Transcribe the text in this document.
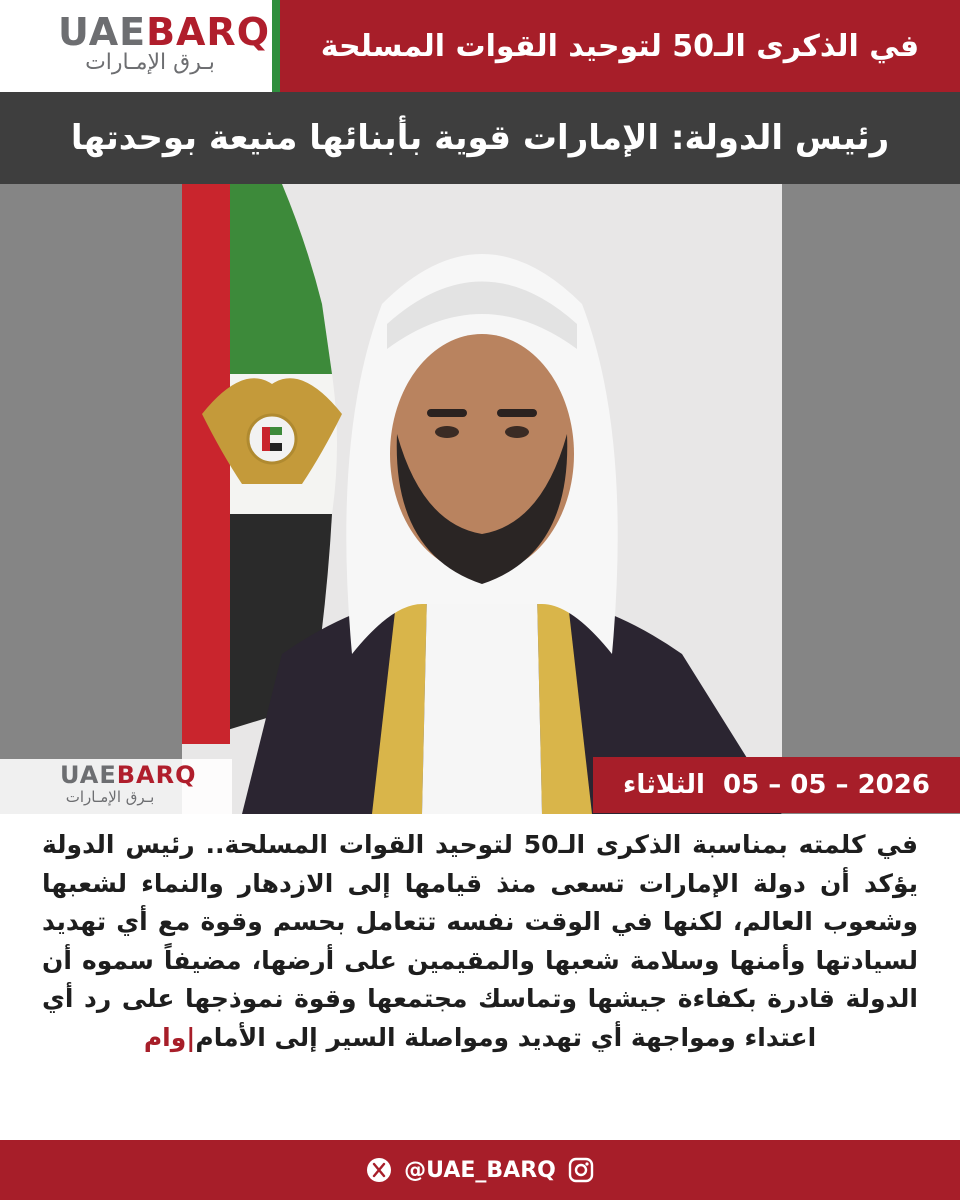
UAEBARQ
بـرق الإمـارات	في الذكرى الـ50 لتوحيد القوات المسلحة
رئيس الدولة: الإمارات قوية بأبنائها منيعة بوحدتها
UAEBARQ
بـرق الإمـارات	الثلاثاء 05 – 05 – 2026
في كلمته بمناسبة الذكرى الـ50 لتوحيد القوات المسلحة.. رئيس الدولة يؤكد أن دولة الإمارات تسعى منذ قيامها إلى الازدهار والنماء لشعبها وشعوب العالم، لكنها في الوقت نفسه تتعامل بحسم وقوة مع أي تهديد لسيادتها وأمنها وسلامة شعبها والمقيمين على أرضها، مضيفاً سموه أن الدولة قادرة بكفاءة جيشها وتماسك مجتمعها وقوة نموذجها على رد أي اعتداء ومواجهة أي تهديد ومواصلة السير إلى الأمام|وام
@UAE_BARQ
